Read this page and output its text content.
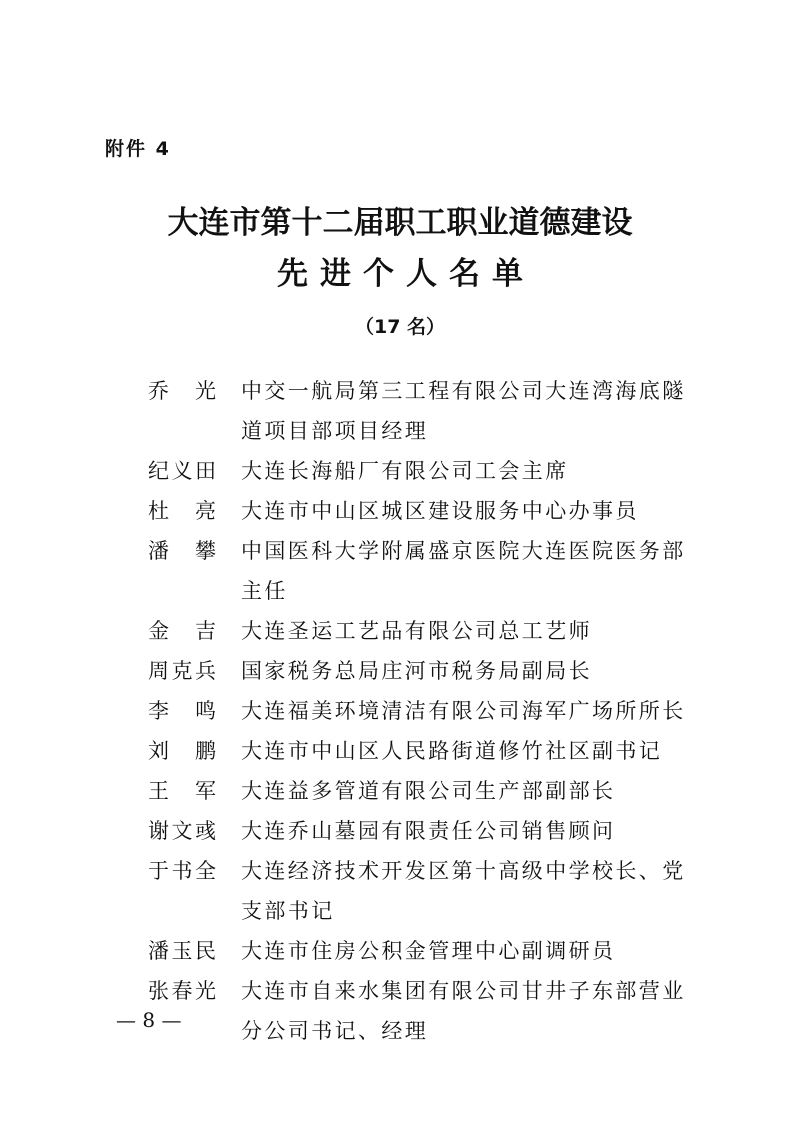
附件 4
大连市第十二届职工职业道德建设
先进个人名单
（17 名）
乔 光 中交一航局第三工程有限公司大连湾海底隧道项目部项目经理
纪 义 田 大连长海船厂有限公司工会主席
杜 亮 大连市中山区城区建设服务中心办事员
潘 攀 中国医科大学附属盛京医院大连医院医务部主任
金 吉 大连圣运工艺品有限公司总工艺师
周 克 兵 国家税务总局庄河市税务局副局长
李 鸣 大连福美环境清洁有限公司海军广场所所长
刘 鹏 大连市中山区人民路街道修竹社区副书记
王 军 大连益多管道有限公司生产部副部长
谢 文 彧 大连乔山墓园有限责任公司销售顾问
于 书 全 大连经济技术开发区第十高级中学校长、党支部书记
潘 玉 民 大连市住房公积金管理中心副调研员
张 春 光 大连市自来水集团有限公司甘井子东部营业分公司书记、经理
— 8 —
